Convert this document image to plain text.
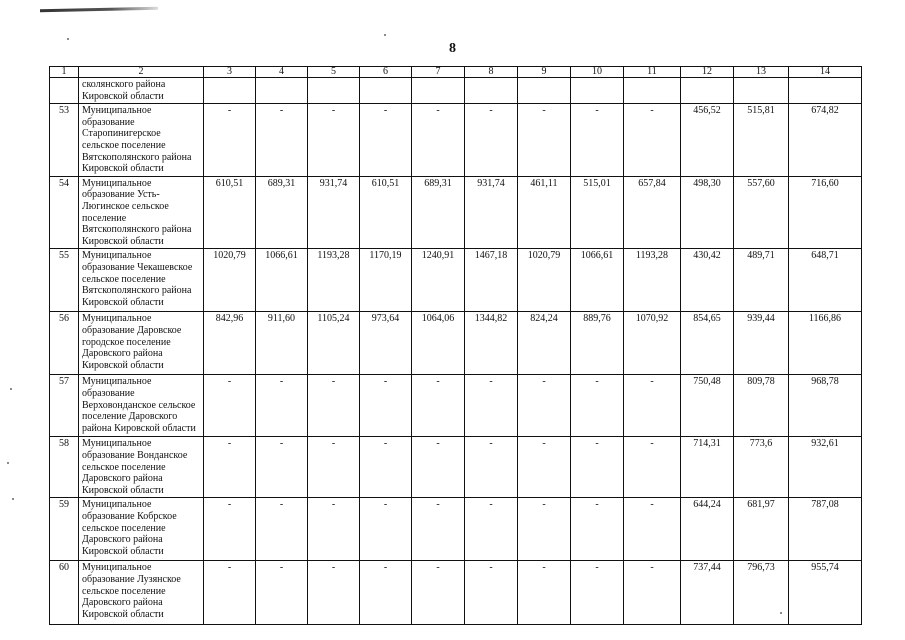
8
1	2	3	4	5	6	7	8	9	10	11	12	13	14
	сколянского района Кировской области												
53	Муниципальное образование Старопинигерское сельское поселение Вятскополянского района Кировской области	-	-	-	-	-	-	-	-	-	456,52	515,81	674,82
54	Муниципальное образование Усть-Люгинское сельское поселение Вятскополянского района Кировской области	610,51	689,31	931,74	610,51	689,31	931,74	461,11	515,01	657,84	498,30	557,60	716,60
55	Муниципальное образование Чекашевское сельское поселение Вятскополянского района Кировской области	1020,79	1066,61	1193,28	1170,19	1240,91	1467,18	1020,79	1066,61	1193,28	430,42	489,71	648,71
56	Муниципальное образование Даровское городское поселение Даровского района Кировской области	842,96	911,60	1105,24	973,64	1064,06	1344,82	824,24	889,76	1070,92	854,65	939,44	1166,86
57	Муниципальное образование Верховонданское сельское поселение Даровского района Кировской области	-	-	-	-	-	-	-	-	-	750,48	809,78	968,78
58	Муниципальное образование Вонданское сельское поселение Даровского района Кировской области	-	-	-	-	-	-	-	-	-	714,31	773,6	932,61
59	Муниципальное образование Кобрское сельское поселение Даровского района Кировской области	-	-	-	-	-	-	-	-	-	644,24	681,97	787,08
60	Муниципальное образование Лузянское сельское поселение Даровского района Кировской области	-	-	-	-	-	-	-	-	-	737,44	796,73	955,74
